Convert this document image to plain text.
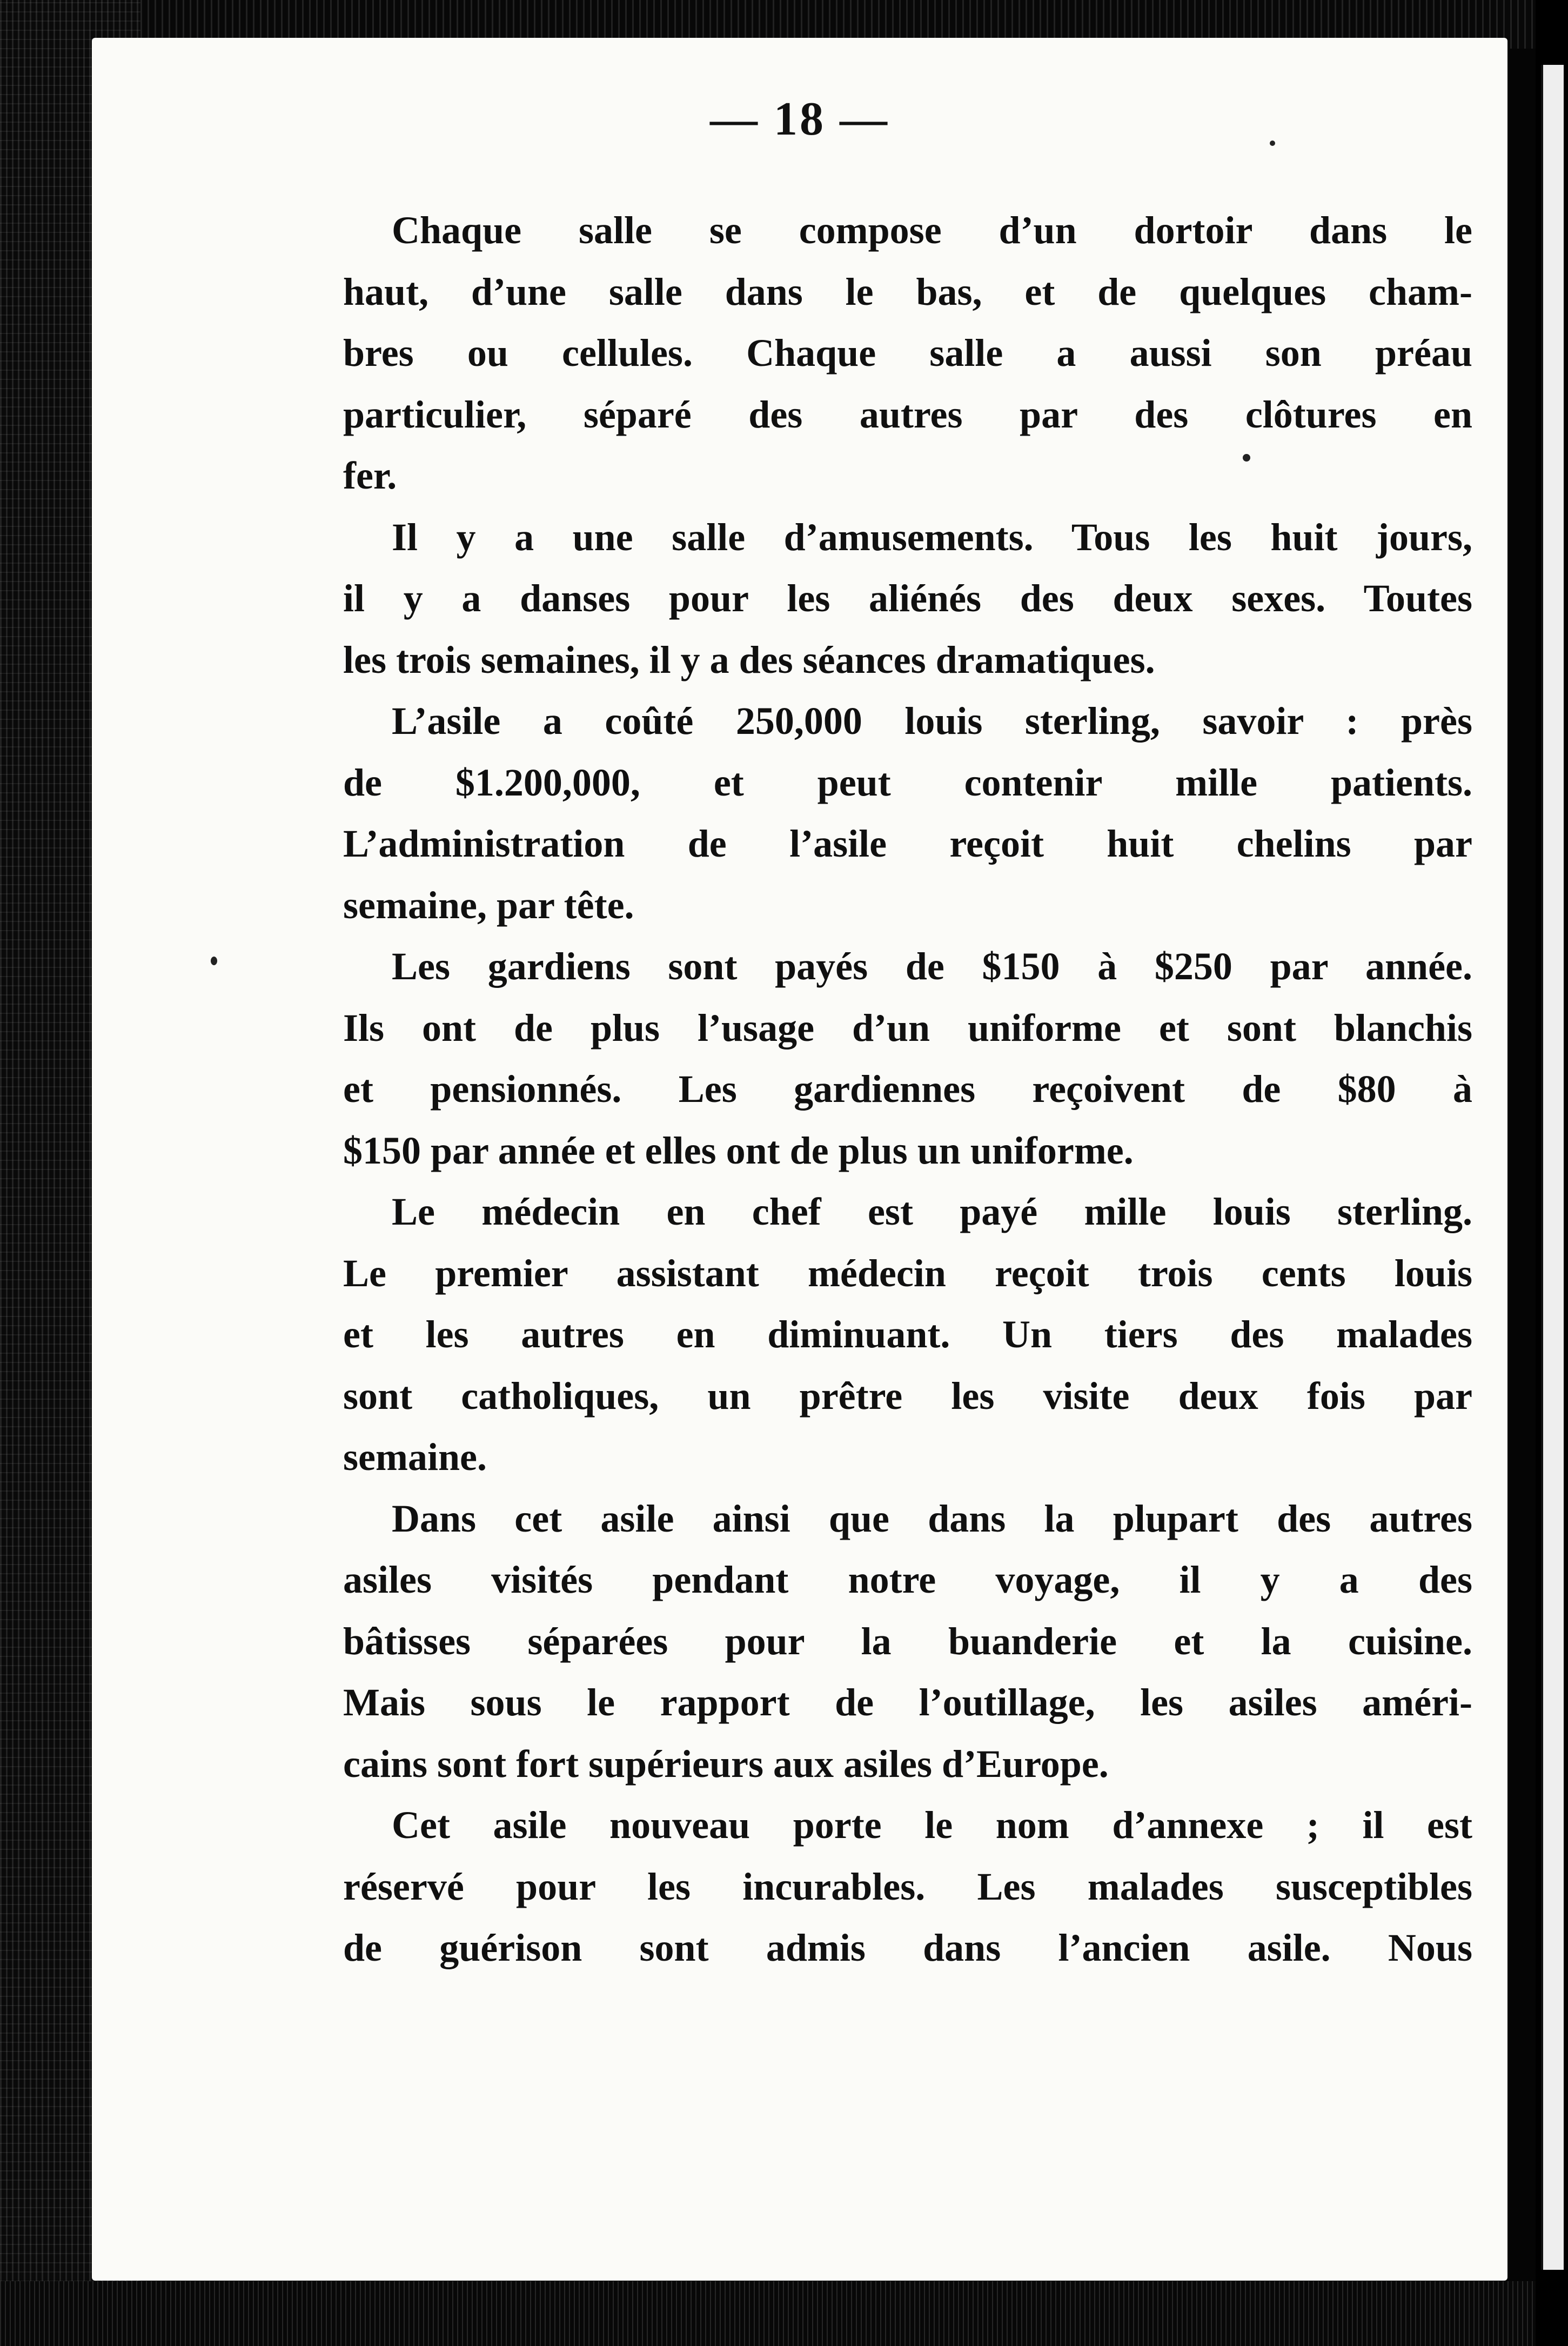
— 18 —
Chaque salle se compose d’un dortoir dans le
haut, d’une salle dans le bas, et de quelques cham-
bres ou cellules. Chaque salle a aussi son préau
particulier, séparé des autres par des clôtures en
fer.
Il y a une salle d’amusements. Tous les huit jours,
il y a danses pour les aliénés des deux sexes. Toutes
les trois semaines, il y a des séances dramatiques.
L’asile a coûté 250,000 louis sterling, savoir : près
de $1.200,000, et peut contenir mille patients.
L’administration de l’asile reçoit huit chelins par
semaine, par tête.
Les gardiens sont payés de $150 à $250 par année.
Ils ont de plus l’usage d’un uniforme et sont blanchis
et pensionnés. Les gardiennes reçoivent de $80 à
$150 par année et elles ont de plus un uniforme.
Le médecin en chef est payé mille louis sterling.
Le premier assistant médecin reçoit trois cents louis
et les autres en diminuant. Un tiers des malades
sont catholiques, un prêtre les visite deux fois par
semaine.
Dans cet asile ainsi que dans la plupart des autres
asiles visités pendant notre voyage, il y a des
bâtisses séparées pour la buanderie et la cuisine.
Mais sous le rapport de l’outillage, les asiles améri-
cains sont fort supérieurs aux asiles d’Europe.
Cet asile nouveau porte le nom d’annexe ; il est
réservé pour les incurables. Les malades susceptibles
de guérison sont admis dans l’ancien asile. Nous
